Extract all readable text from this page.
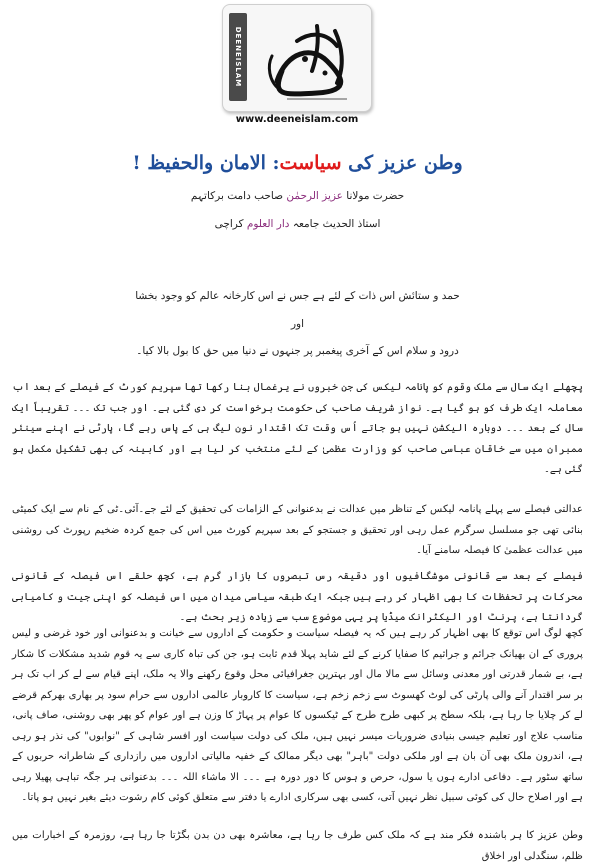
DEENEISLAM
www.deeneislam.com
وطن عزیز کی سیاست: الامان والحفیظ !
حضرت مولانا عزیز الرحمٰن صاحب دامت برکاتہم
استاذ الحدیث جامعہ دار العلوم کراچی
حمد و ستائش اس ذات کے لئے ہے جس نے اس کارخانہ عالم کو وجود بخشا
اور
درود و سلام اس کے آخری پیغمبر پر جنہوں نے دنیا میں حق کا بول بالا کیا۔

پچھلے ایک سال سے ملک وقوم کو پانامہ لیکس کی جن خبروں نے یرغمال بنا رکھا تھا سپریم کورٹ کے فیصلے کے بعد اب معاملہ ایک طرف کو ہو گیا ہے۔ نواز شریف صاحب کی حکومت برخواست کر دی گئی ہے۔ اور جب تک ۔۔۔ تقریباً ایک سال کے بعد ۔۔۔ دوبارہ الیکشن نہیں ہو جاتے اُس وقت تک اقتدار نون لیگ ہی کے پاس رہے گا، پارٹی نے اپنے سینئر ممبران میں سے خاقان عباسی صاحب کو وزارت عظمیٰ کے لئے منتخب کر لیا ہے اور کابینہ کی بھی تشکیل مکمل ہو گئی ہے۔

عدالتی فیصلے سے پہلے پانامہ لیکس کے تناظر میں عدالت نے بدعنوانی کے الزامات کی تحقیق کے لئے جے۔آئی۔ٹی کے نام سے ایک کمیٹی بنائی تھی جو مسلسل سرگرم عمل رہی اور تحقیق و جستجو کے بعد سپریم کورٹ میں اس کی جمع کردہ ضخیم رپورٹ کی روشنی میں عدالت عظمیٰ کا فیصلہ سامنے آیا۔

فیصلے کے بعد سے قانونی موشگافیوں اور دقیقہ رس تبصروں کا بازار گرم ہے، کچھ حلقے اس فیصلہ کے قانونی محرکات پر تحفظات کا بھی اظہار کر رہے ہیں جبکہ ایک طبقہ سیاسی میدان میں اس فیصلہ کو اپنی جیت و کامیابی گردانتا ہے، پرنٹ اور الیکٹرانک میڈیا پر یہی موضوع سب سے زیادہ زیر بحث ہے۔

کچھ لوگ اس توقع کا بھی اظہار کر رہے ہیں کہ یہ فیصلہ سیاست و حکومت کے اداروں سے خیانت و بدعنوانی اور خود غرضی و لیس پروری کے ان بھیانک جرائم و جراثیم کا صفایا کرنے کے لئے شاید پہلا قدم ثابت ہو، جن کی تباہ کاری سے یہ قوم شدید مشکلات کا شکار ہے، بے شمار قدرتی اور معدنی وسائل سے مالا مال اور بہترین جغرافیائی محل وقوع رکھنے والا یہ ملک، اپنے قیام سے لے کر اب تک ہر بر سر اقتدار آنے والی پارٹی کی لوٹ کھسوٹ سے زخم زخم ہے، سیاست کا کاروبار عالمی اداروں سے حرام سود پر بھاری بھرکم قرضے لے کر چلایا جا رہا ہے، بلکہ سطح پر کبھی طرح طرح کے ٹیکسوں کا عوام پر پہاڑ کا وزن ہے اور عوام کو پھر بھی روشنی، صاف پانی، مناسب علاج اور تعلیم جیسی بنیادی ضروریات میسر نہیں ہیں، ملک کی دولت سیاست اور افسر شاہی کے "نوابوں" کی نذر ہو رہی ہے، اندرون ملک بھی آن بان ہے اور ملکی دولت "باہر" بھی دیگر ممالک کے خفیہ مالیاتی اداروں میں رازداری کے شاطرانہ حربوں کے ساتھ سٹور ہے۔ دفاعی ادارے ہوں یا سول، حرص و ہوس کا دور دورہ ہے ۔۔۔ الا ماشاء اللہ ۔۔۔ بدعنوانی ہر جگہ تباہی پھیلا رہی ہے اور اصلاح حال کی کوئی سبیل نظر نہیں آتی، کسی بھی سرکاری ادارے یا دفتر سے متعلق کوئی کام رشوت دیئے بغیر نہیں ہو پاتا۔

وطن عزیز کا ہر باشندہ فکر مند ہے کہ ملک کس طرف جا رہا ہے، معاشرہ بھی دن بدن بگڑتا جا رہا ہے، روزمرہ کے اخبارات میں ظلم، سنگدلی اور اخلاق
